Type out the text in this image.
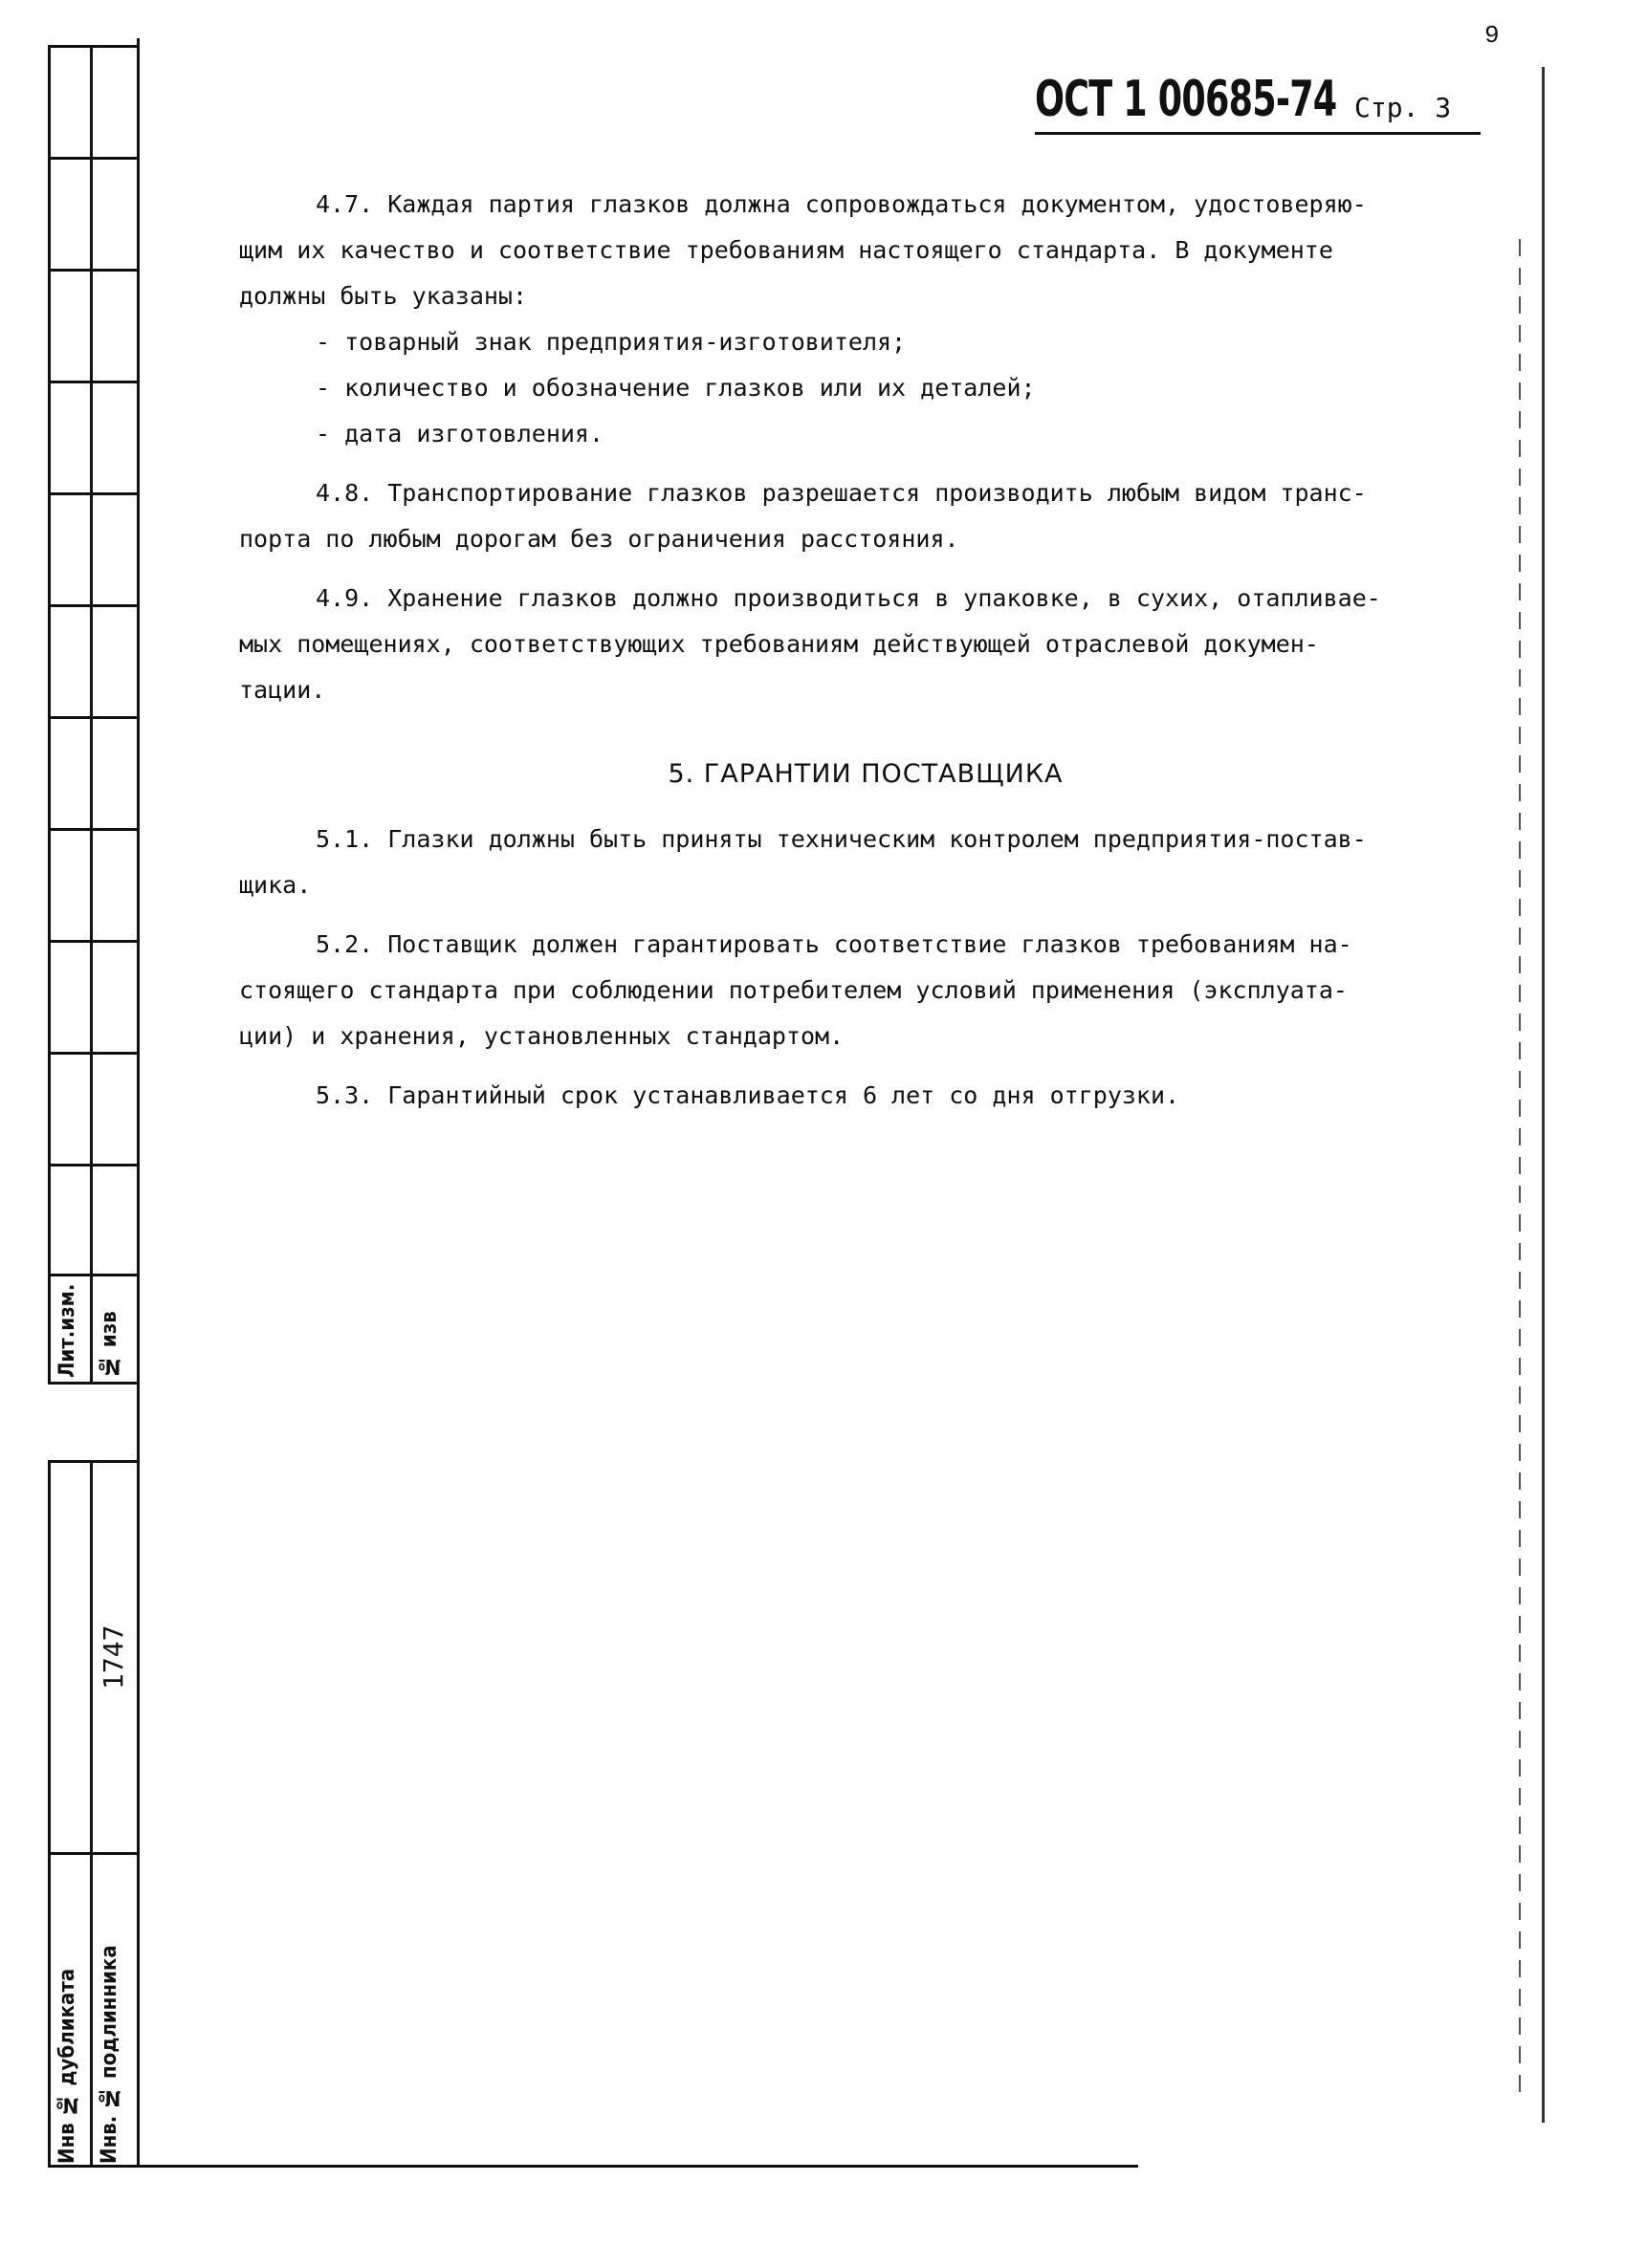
9
ОСТ 1 00685-74 Стр. 3
Лит.изм. № изв
1747
Инв № дубликата Инв. № подлинника
4.7. Каждая партия глазков должна сопровождаться документом, удостоверяю-
щим их качество и соответствие требованиям настоящего стандарта. В документе
должны быть указаны:
- товарный знак предприятия-изготовителя;
- количество и обозначение глазков или их деталей;
- дата изготовления.
4.8. Транспортирование глазков разрешается производить любым видом транс-
порта по любым дорогам без ограничения расстояния.
4.9. Хранение глазков должно производиться в упаковке, в сухих, отапливае-
мых помещениях, соответствующих требованиям действующей отраслевой докумен-
тации.
5. ГАРАНТИИ ПОСТАВЩИКА
5.1. Глазки должны быть приняты техническим контролем предприятия-постав-
щика.
5.2. Поставщик должен гарантировать соответствие глазков требованиям на-
стоящего стандарта при соблюдении потребителем условий применения (эксплуата-
ции) и хранения, установленных стандартом.
5.3. Гарантийный срок устанавливается 6 лет со дня отгрузки.
